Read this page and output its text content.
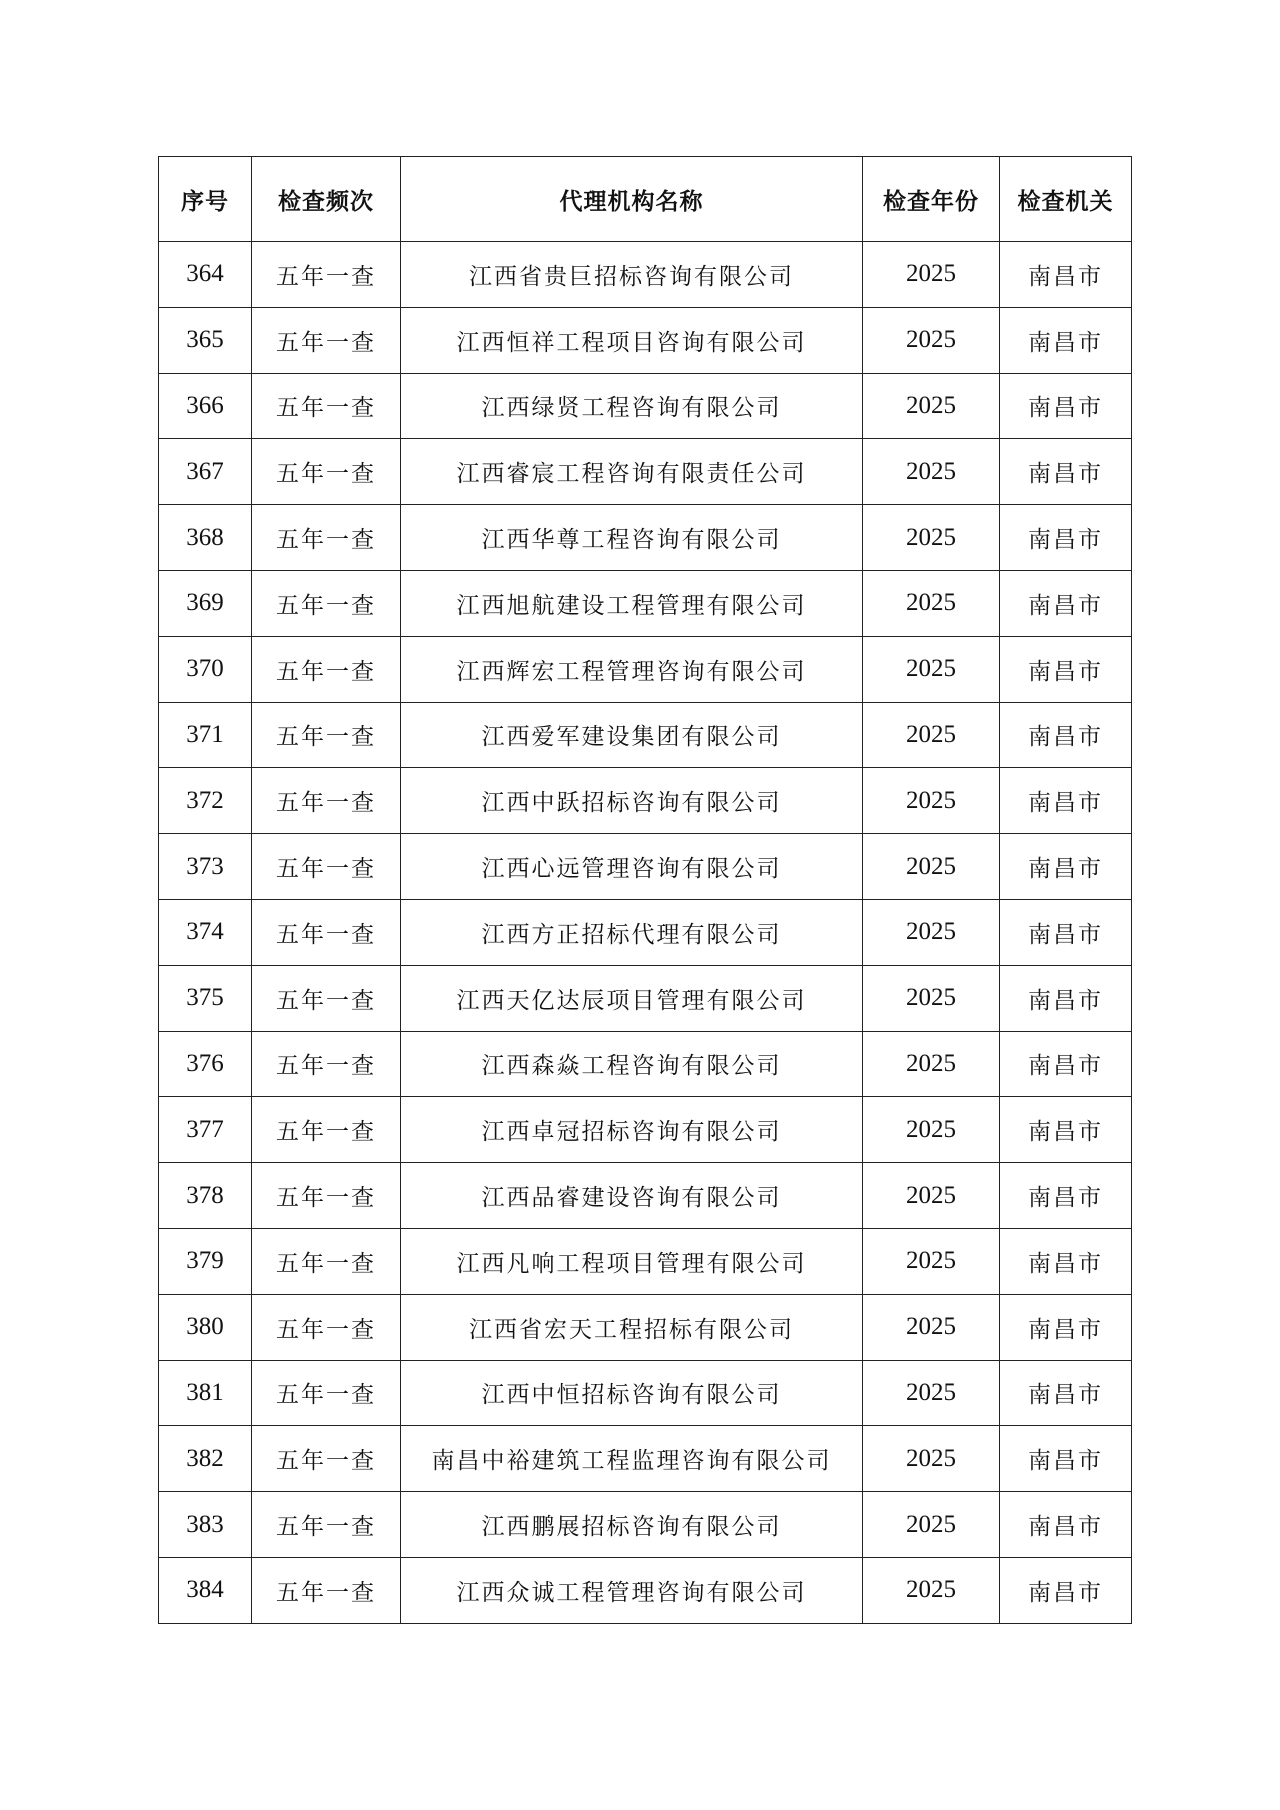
序号	检查频次	代理机构名称	检查年份	检查机关
364	五年一查	江西省贵巨招标咨询有限公司	2025	南昌市
365	五年一查	江西恒祥工程项目咨询有限公司	2025	南昌市
366	五年一查	江西绿贤工程咨询有限公司	2025	南昌市
367	五年一查	江西睿宸工程咨询有限责任公司	2025	南昌市
368	五年一查	江西华尊工程咨询有限公司	2025	南昌市
369	五年一查	江西旭航建设工程管理有限公司	2025	南昌市
370	五年一查	江西辉宏工程管理咨询有限公司	2025	南昌市
371	五年一查	江西爱军建设集团有限公司	2025	南昌市
372	五年一查	江西中跃招标咨询有限公司	2025	南昌市
373	五年一查	江西心远管理咨询有限公司	2025	南昌市
374	五年一查	江西方正招标代理有限公司	2025	南昌市
375	五年一查	江西天亿达辰项目管理有限公司	2025	南昌市
376	五年一查	江西森焱工程咨询有限公司	2025	南昌市
377	五年一查	江西卓冠招标咨询有限公司	2025	南昌市
378	五年一查	江西品睿建设咨询有限公司	2025	南昌市
379	五年一查	江西凡响工程项目管理有限公司	2025	南昌市
380	五年一查	江西省宏天工程招标有限公司	2025	南昌市
381	五年一查	江西中恒招标咨询有限公司	2025	南昌市
382	五年一查	南昌中裕建筑工程监理咨询有限公司	2025	南昌市
383	五年一查	江西鹏展招标咨询有限公司	2025	南昌市
384	五年一查	江西众诚工程管理咨询有限公司	2025	南昌市
